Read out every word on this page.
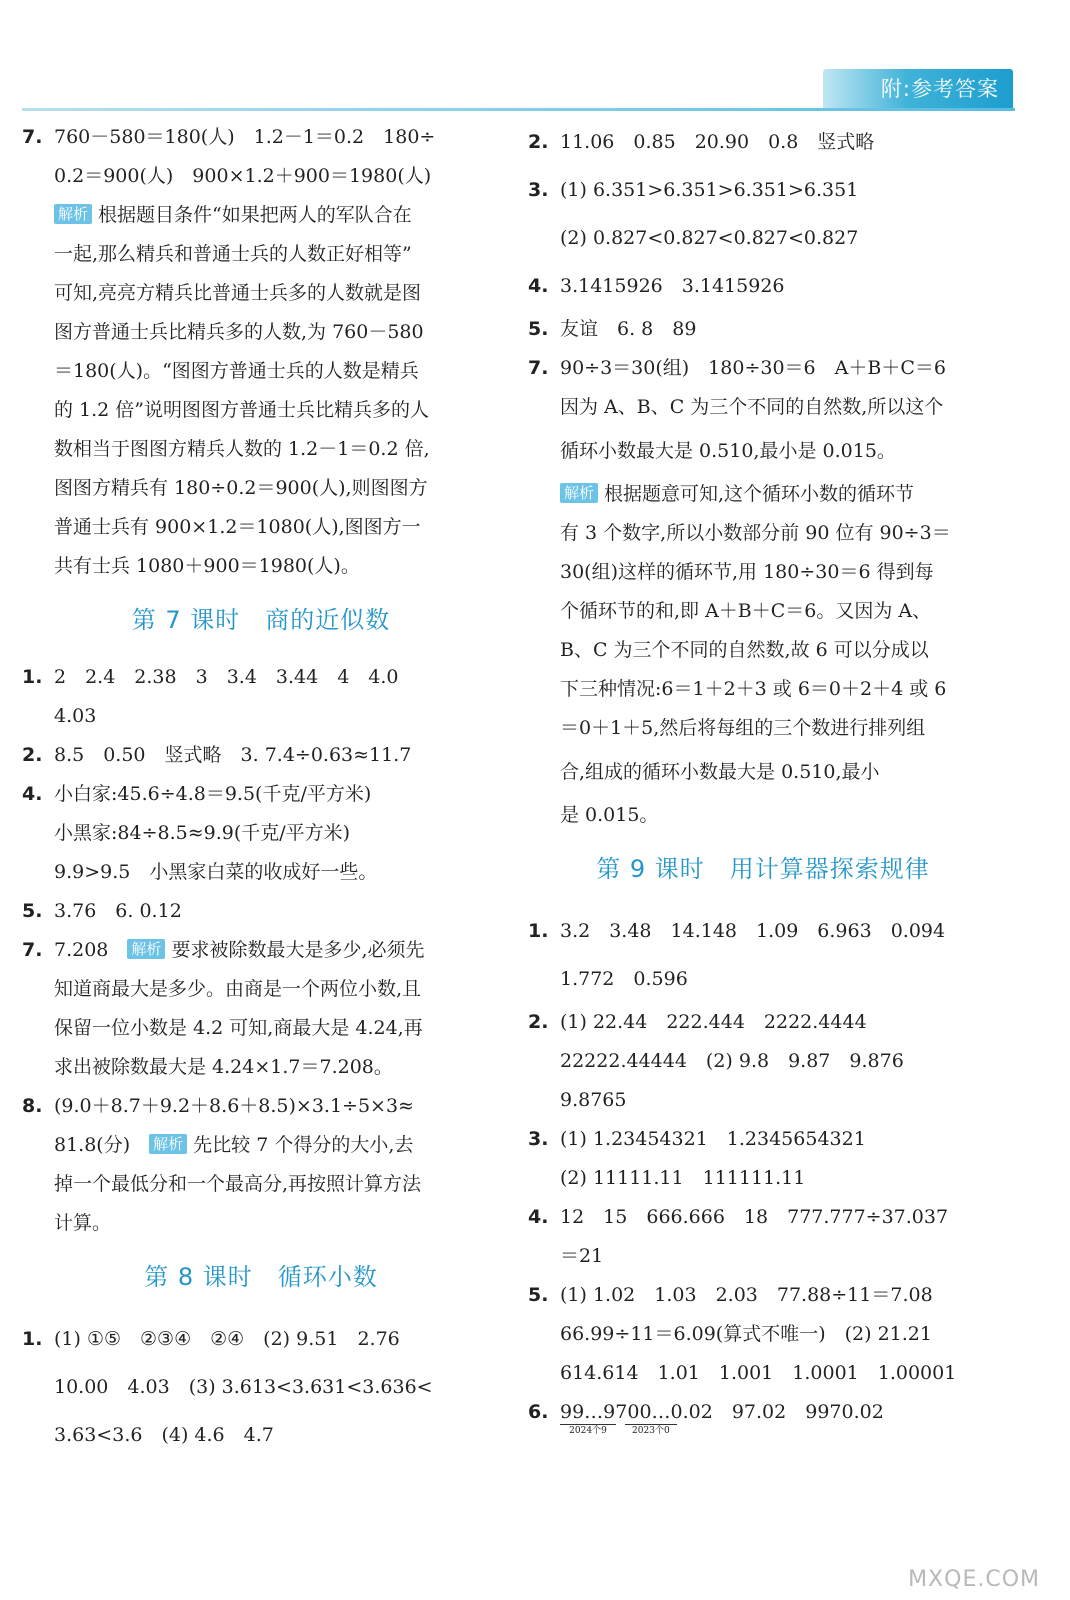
附:参考答案
7. 760－580＝180(人)　1.2－1＝0.2　180÷
0.2＝900(人)　900×1.2＋900＝1980(人)
解析 根据题目条件“如果把两人的军队合在
一起,那么精兵和普通士兵的人数正好相等”
可知,亮亮方精兵比普通士兵多的人数就是图
图方普通士兵比精兵多的人数,为 760－580
＝180(人)。“图图方普通士兵的人数是精兵
的 1.2 倍”说明图图方普通士兵比精兵多的人
数相当于图图方精兵人数的 1.2－1＝0.2 倍,
图图方精兵有 180÷0.2＝900(人),则图图方
普通士兵有 900×1.2＝1080(人),图图方一
共有士兵 1080＋900＝1980(人)。
第 7 课时　商的近似数
1. 2　2.4　2.38　3　3.4　3.44　4　4.0
4.03
2. 8.5　0.50　竖式略　3. 7.4÷0.63≈11.7
4. 小白家:45.6÷4.8＝9.5(千克/平方米)
小黑家:84÷8.5≈9.9(千克/平方米)
9.9>9.5　小黑家白菜的收成好一些。
5. 3.76　6. 0.12
7. 7.208　 解析 要求被除数最大是多少,必须先
知道商最大是多少。由商是一个两位小数,且
保留一位小数是 4.2 可知,商最大是 4.24,再
求出被除数最大是 4.24×1.7＝7.208。
8. (9.0＋8.7＋9.2＋8.6＋8.5)×3.1÷5×3≈
81.8(分)　 解析 先比较 7 个得分的大小,去
掉一个最低分和一个最高分,再按照计算方法
计算。
第 8 课时　循环小数
1. (1) ①⑤　②③④　②④　(2) 9.51　2.76
10.00　4.03　(3) 3.613<3.631<3.636<
3.63<3.6　(4) 4.6　4.7
2. 11.06　0.85　20.90　0.8　竖式略
3. (1) 6.351>6.351>6.351>6.351
(2) 0.827<0.827<0.827<0.827
4. 3.1415926　3.1415926
5. 友谊　6. 8　89
7. 90÷3＝30(组)　180÷30＝6　A＋B＋C＝6
因为 A、B、C 为三个不同的自然数,所以这个
循环小数最大是 0.510,最小是 0.015。
解析 根据题意可知,这个循环小数的循环节
有 3 个数字,所以小数部分前 90 位有 90÷3＝
30(组)这样的循环节,用 180÷30＝6 得到每
个循环节的和,即 A＋B＋C＝6。又因为 A、
B、C 为三个不同的自然数,故 6 可以分成以
下三种情况:6＝1＋2＋3 或 6＝0＋2＋4 或 6
＝0＋1＋5,然后将每组的三个数进行排列组
合,组成的循环小数最大是 0.510,最小
是 0.015。
第 9 课时　用计算器探索规律
1. 3.2　3.48　14.148　1.09　6.963　0.094
1.772　0.596
2. (1) 22.44　222.444　2222.4444
22222.44444　(2) 9.8　9.87　9.876
9.8765
3. (1) 1.23454321　1.2345654321
(2) 11111.11　111111.11
4. 12　15　666.666　18　777.777÷37.037
＝21
5. (1) 1.02　1.03　2.03　77.88÷11＝7.08
66.99÷11＝6.09(算式不唯一)　(2) 21.21
614.614　1.01　1.001　1.0001　1.00001
6. 99…9700…0.02　97.02　9970.02
2024个9	2023个0
MXQE.COM
